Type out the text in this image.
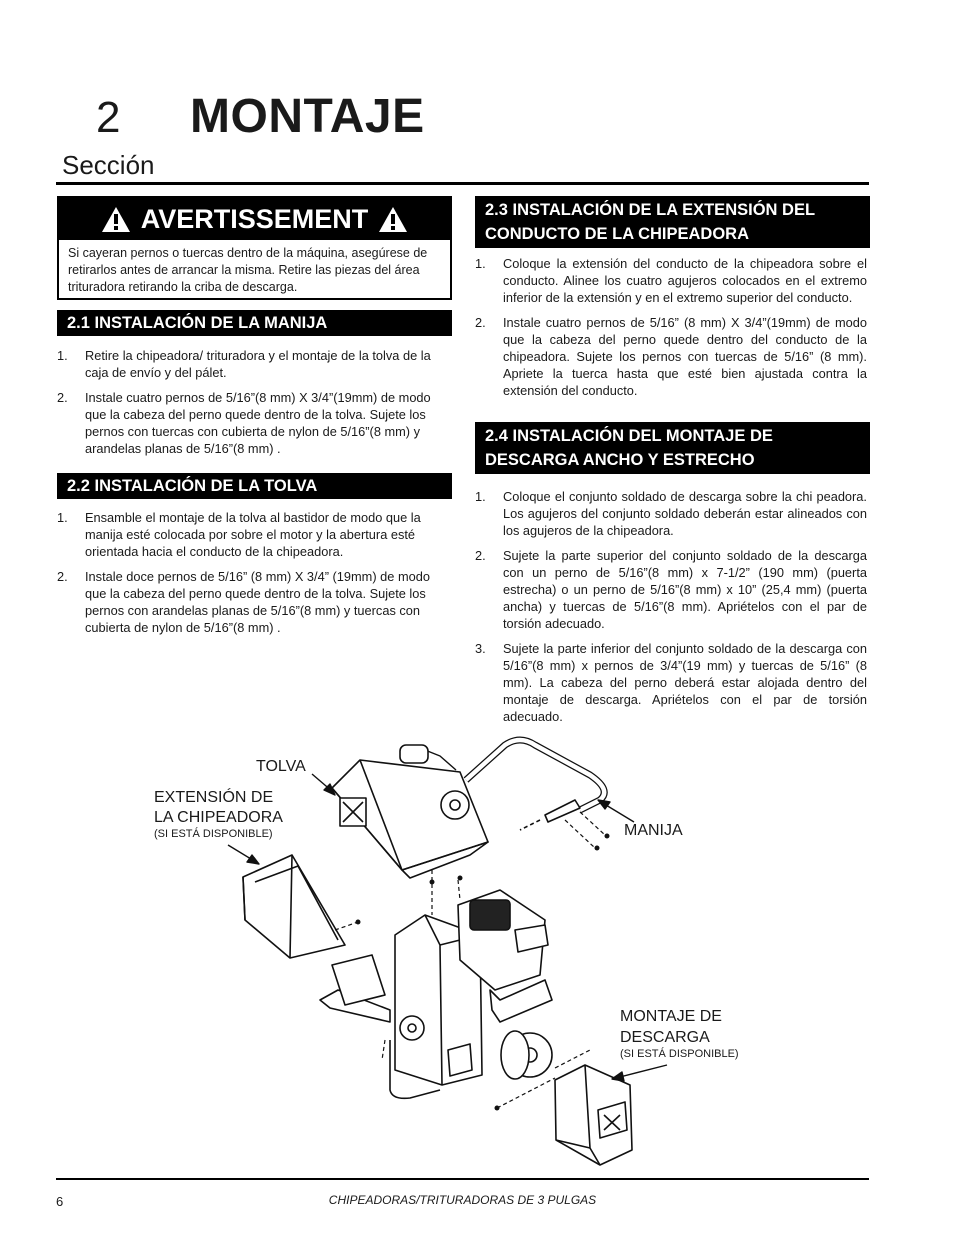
2 MONTAJE
Sección
AVERTISSEMENT
Si cayeran pernos o tuercas dentro de la máquina, asegúrese de retirarlos antes de arrancar la misma. Retire las piezas del área trituradora retirando la criba de descarga.
2.1 INSTALACIÓN DE LA MANIJA
1.	Retire la chipeadora/ trituradora y el montaje de la tolva de la caja de envío y del pálet.
2.	Instale cuatro pernos de 5/16”(8 mm) X 3/4”(19mm) de modo que la cabeza del perno quede dentro de la tolva. Sujete los pernos con tuercas con cubierta de nylon de 5/16”(8 mm) y arandelas planas de 5/16”(8 mm) .
2.2 INSTALACIÓN DE LA TOLVA
1.	Ensamble el montaje de la tolva al bastidor de modo que la manija esté colocada por sobre el motor y la abertura esté orientada hacia el conducto de la chipeadora.
2.	Instale doce pernos de 5/16” (8 mm) X 3/4” (19mm) de modo que la cabeza del perno quede dentro de la tolva. Sujete los pernos con arandelas planas de 5/16”(8 mm) y tuercas con cubierta de nylon de 5/16”(8 mm) .
2.3 INSTALACIÓN DE LA EXTENSIÓN DEL
CONDUCTO DE LA CHIPEADORA
1.	Coloque la extensión del conducto de la chipeadora sobre el conducto. Alinee los cuatro agujeros colocados en el extremo inferior de la extensión y en el extremo superior del conducto.
2.	Instale cuatro pernos de 5/16” (8 mm) X 3/4”(19mm) de modo que la cabeza del perno quede dentro del conducto de la chipeadora. Sujete los pernos con tuercas de 5/16” (8 mm). Apriete la tuerca hasta que esté bien ajustada contra la extensión del conducto.
2.4 INSTALACIÓN DEL MONTAJE DE
DESCARGA ANCHO Y ESTRECHO
1.	Coloque el conjunto soldado de descarga sobre la chi peadora. Los agujeros del conjunto soldado deberán estar alineados con los agujeros de la chipeadora.
2.	Sujete la parte superior del conjunto soldado de la descarga con un perno de 5/16”(8 mm) x 7-1/2” (190 mm) (puerta estrecha) o un perno de 5/16”(8 mm) x 10” (25,4 mm) (puerta ancha) y tuercas de 5/16”(8 mm). Apriételos con el par de torsión adecuado.
3.	Sujete la parte inferior del conjunto soldado de la descarga con 5/16”(8 mm) x pernos de 3/4”(19 mm) y tuercas de 5/16” (8 mm). La cabeza del perno deberá estar alojada dentro del montaje de descarga. Apriételos con el par de torsión adecuado.
TOLVA
EXTENSIÓN DE
LA CHIPEADORA
(SI ESTÁ DISPONIBLE)	MANIJA
MONTAJE DE
DESCARGA
(SI ESTÁ DISPONIBLE)
6	CHIPEADORAS/TRITURADORAS DE 3 PULGAS
